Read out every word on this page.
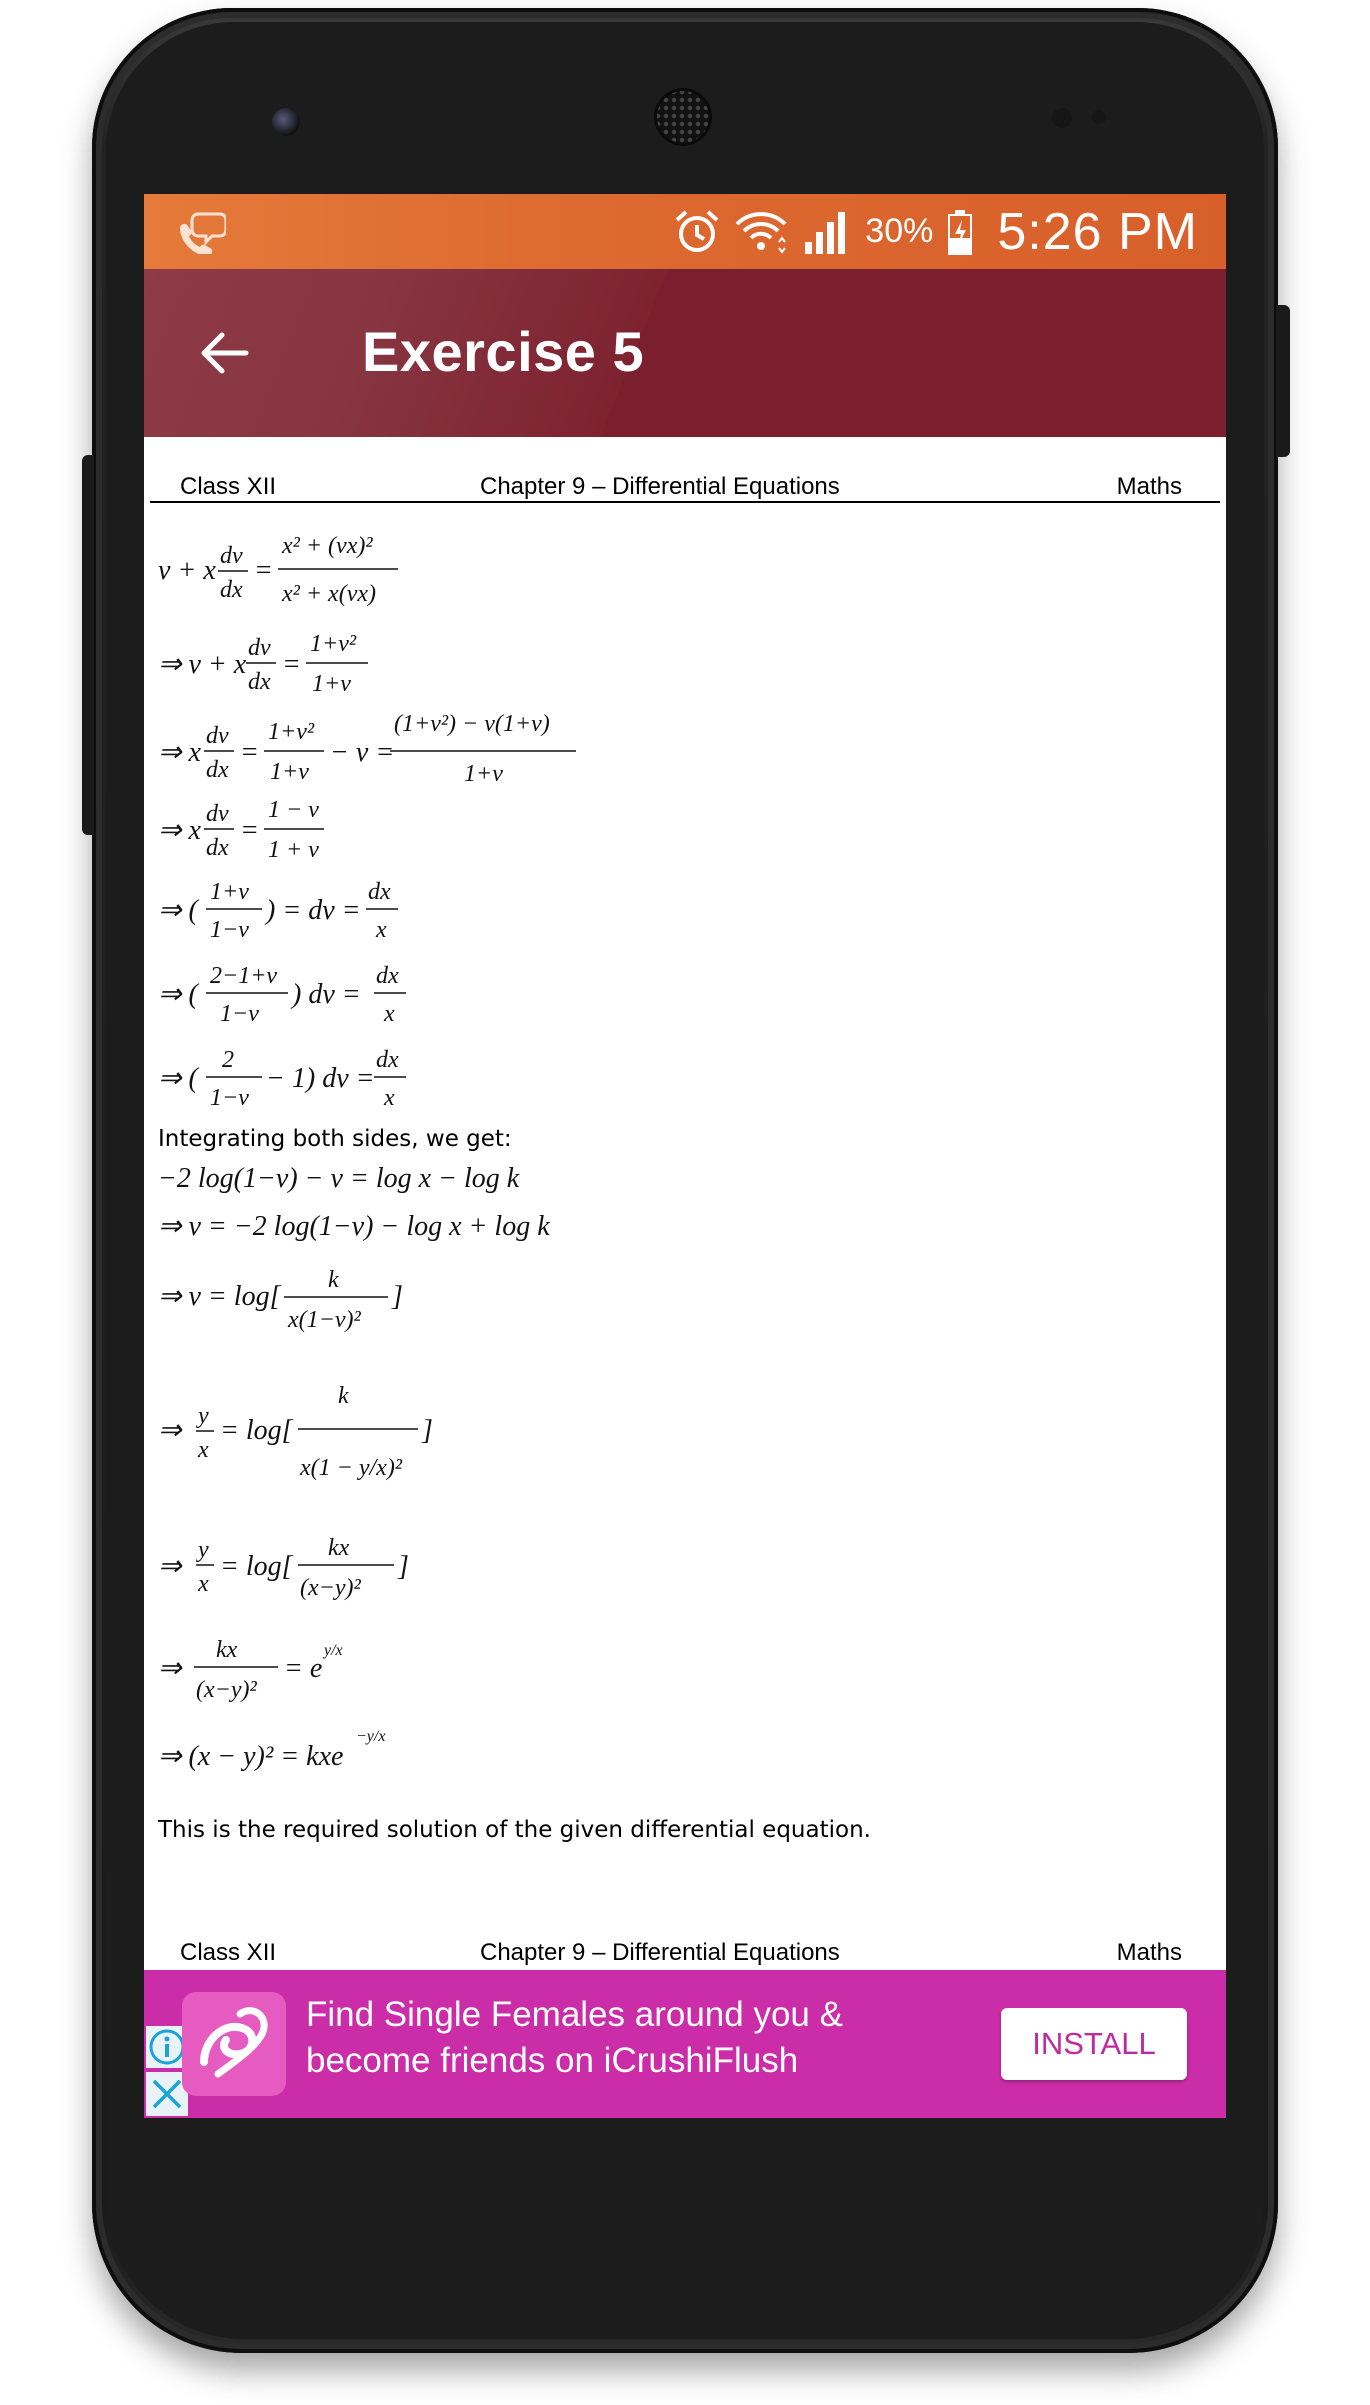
30% 5:26 PM
Exercise 5
Class XII	Chapter 9 – Differential Equations	Maths
v + x dv
dx
=
x² + (vx)²
x² + x(vx)
⇒ v + x
dv
dx
=
1+v²
1+v
⇒ x
dv
dx
=
1+v²
1+v
− v =
(1+v²) − v(1+v)
1+v
⇒ x
dv
dx
=
1 − v
1 + v
⇒ (
1+v
1−v
) = dv =
dx
x
⇒ (
2−1+v
1−v
) dv =
dx
x
⇒ (
2
1−v
− 1) dv =
dx
x
Integrating both sides, we get:
−2 log(1−v) − v = log x − log k
⇒ v = −2 log(1−v) − log x + log k
⇒ v = log[
k
x(1−v)²
]
⇒ y
x
= log[
k
x(1 − y/x)²
]
⇒
y
x
= log[
kx
(x−y)²
]
⇒
kx
(x−y)²
= e
y/x
⇒ (x − y)² = kxe
−y/x
This is the required solution of the given differential equation.
Class XII	Chapter 9 – Differential Equations	Maths
Find Single Females around you &
become friends on iCrushiFlush	INSTALL
